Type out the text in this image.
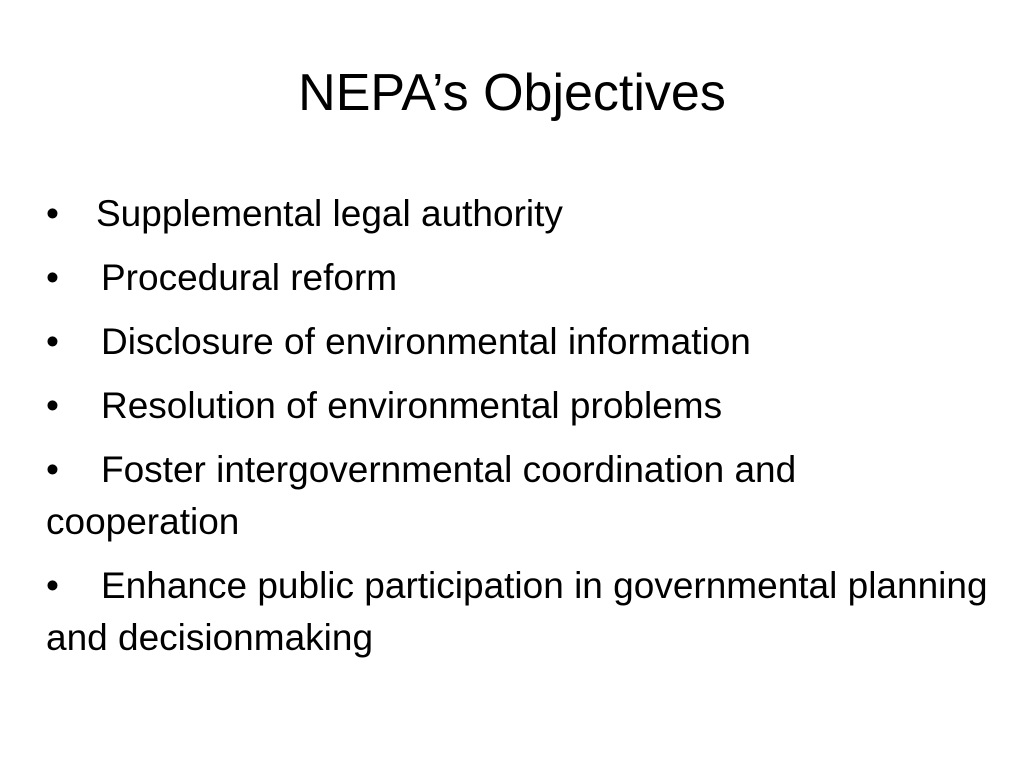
NEPA’s Objectives
• Supplemental legal authority
• Procedural reform
• Disclosure of environmental information
• Resolution of environmental problems
• Foster intergovernmental coordination and cooperation
• Enhance public participation in governmental planning and decisionmaking
